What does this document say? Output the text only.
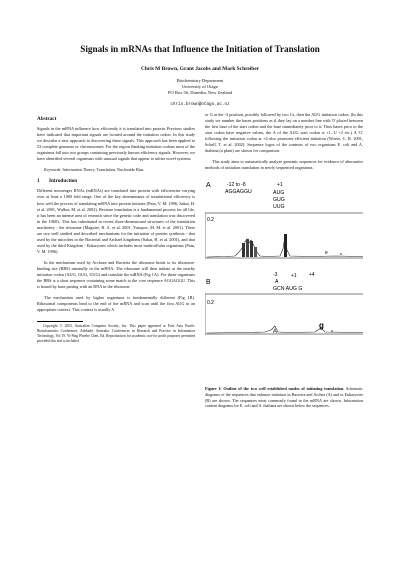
Signals in mRNAs that Influence the Initiation of Translation
Chris M Brown, Grant Jacobs and Mark Schreiber
Biochemistry Department
University of Otago
PO Box 56, Dunedin, New Zealand
chris.brown@otago.ac.nz
Abstract

Signals in the mRNA influence how efficiently it is translated into protein. Previous studies have indicated that important signals are located around the initiation codon. In this study we describe a new approach to discovering these signals. This approach has been applied to 53 complete genomes or chromosomes. For the region flanking initiation codons most of the organisms fall into two groups containing previously known efficiency signals. However, we have identified several organisms with unusual signals that appear to utilise novel systems.

Keywords: Information Theory, Translation, Nucleotide Bias.

1 Introduction

Different messenger RNAs (mRNAs) are translated into protein with efficiencies varying over at least a 1000 fold range. One of the key determinants of translational efficiency is how well the process of translating mRNA into protein initiates (Pain, V. M. 1996, Sakai, H. et al. 2001, Walker, M. et al. 2002). Because translation is a fundamental process for all life, it has been an intense area of research since the genetic code and translation was discovered in the 1960's. This has culminated in recent three-dimensional structures of the translation machinery - the ribosome (Maguire, B. A. et al. 2001, Yusupov, M. M. et al. 2001). There are two well studied and described mechanisms for the initiation of protein synthesis - that used by the microbes in the Bacterial and Archael kingdoms (Sakai, H. et al. 2001), and that used by the third Kingdom - Eukaryotes which includes most multicellular organisms (Pain, V. M. 1996).

In the mechanism used by Archaea and Bacteria the ribosome binds to its ribosome-binding site (RBS) internally in the mRNA. The ribosome will then initiate at the nearby initiation codon (AUG, GUG, UUG) and translate the mRNA (Fig 1A). For these organisms the RBS is a short sequence containing some match to the core sequence AGGAGGU. This is bound by base pairing with an RNA in the ribosome.

The mechanism used by higher organisms is fundamentally different (Fig 1B). Ribosomal components bind to the end of the mRNA and scan until the first AUG in an appropriate context. This context is usually A

Copyright © 2003, Australian Computer Society, Inc. This paper appeared at First Asia Pacific Bioinformatics Conference, Adelaide, Australia. Conferences in Research and Practice in Information Technology, Vol 19. Yi-Ping Phoebe Chen, Ed. Reproduction for academic, not-for profit purposes permitted provided this text is included.

or G at the -3 position, possibly followed by two Cs, then the AUG initiation codon. (In this study we number the bases positions as if they lay on a number line with '0' placed between the first base of the start codon and the base immediately prior to it. Thus bases prior to the start codon have negative values, the A of the AUG start codon is +1, U +2 etc.) A 'G' following the initiation codon at +4 also promotes efficient initiation (Woese, C. R. 2001, Schell, T. et al. 2002). Sequence logos of the contexts of two organisms E. coli and A. thaliana (a plant) are shown for comparison.

This study aims to automatically analyze genomic sequences for evidence of alternative methods of initiation translation in newly sequenced organisms.

A	-12 to -8	+1
AGGAGGU	AUG
GUG
UUG
0.2
e	s
B
-3	+1 +4
A
GCN AUG G
0.2
A
g
u
Figure 1: Outline of the two well established modes of initiating translation. Schematic diagrams of the sequences that enhance initiation in Bacteria and Archea (A) and in Eukaryotes (B) are shown. The sequences most commonly found in the mRNA are shown. Information content diagrams for E. coli and A. thaliana are shown below the sequences.
